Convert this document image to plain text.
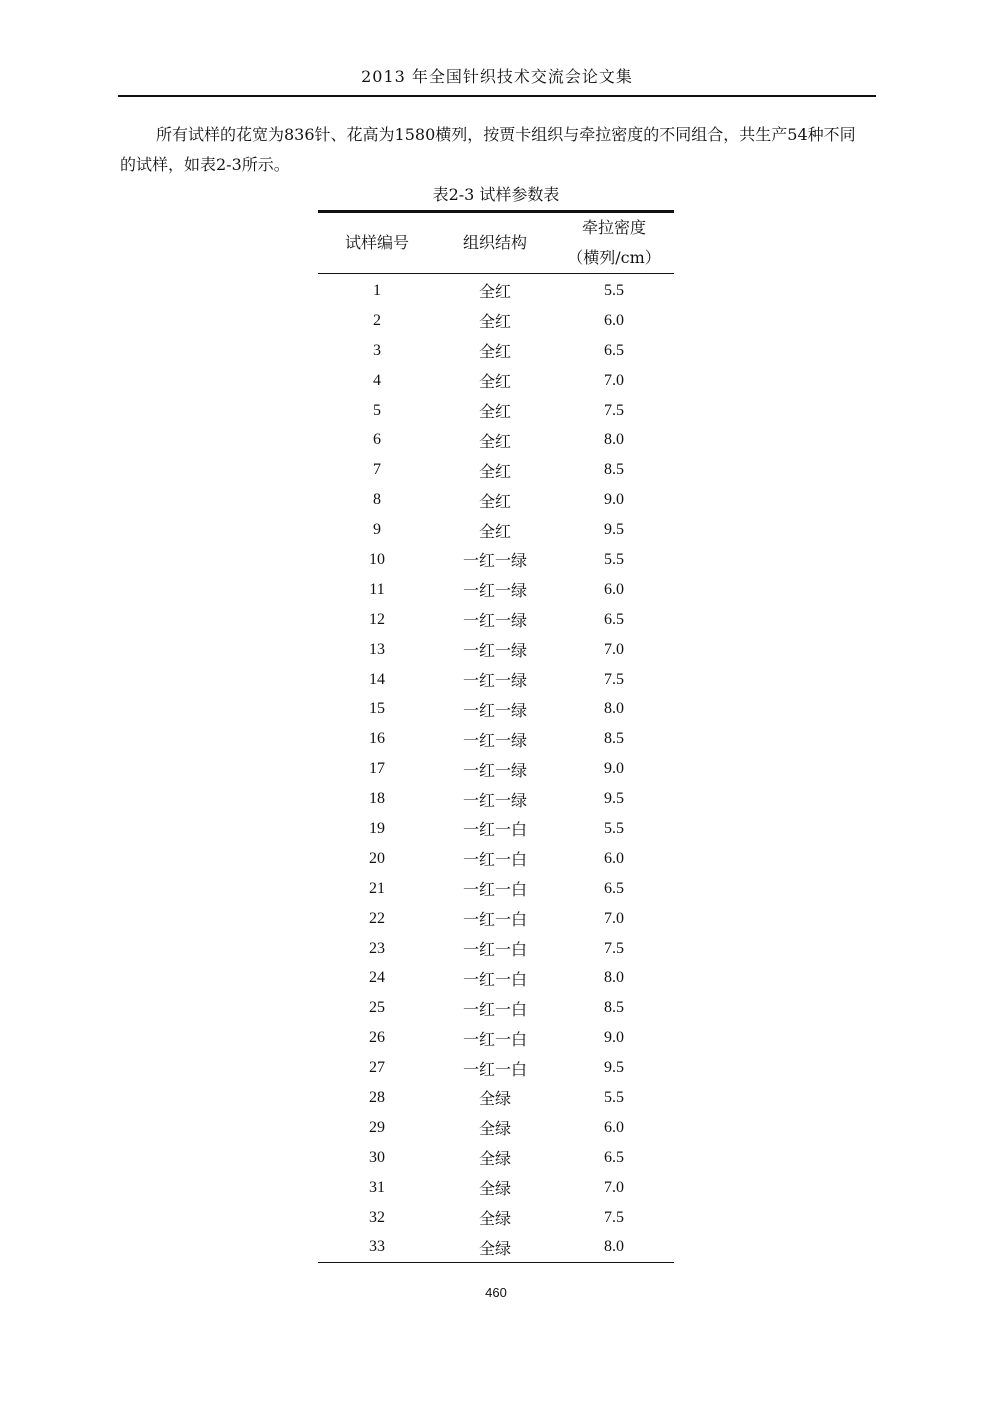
2013 年全国针织技术交流会论文集

所有试样的花宽为836针、花高为1580横列，按贾卡组织与牵拉密度的不同组合，共生产54种不同的试样，如表2-3所示。

表2-3 试样参数表
试样编号	组织结构	牵拉密度
（横列/cm）

1	全红	5.5
2	全红	6.0
3	全红	6.5
4	全红	7.0
5	全红	7.5
6	全红	8.0
7	全红	8.5
8	全红	9.0
9	全红	9.5
10	一红一绿	5.5
11	一红一绿	6.0
12	一红一绿	6.5
13	一红一绿	7.0
14	一红一绿	7.5
15	一红一绿	8.0
16	一红一绿	8.5
17	一红一绿	9.0
18	一红一绿	9.5
19	一红一白	5.5
20	一红一白	6.0
21	一红一白	6.5
22	一红一白	7.0
23	一红一白	7.5
24	一红一白	8.0
25	一红一白	8.5
26	一红一白	9.0
27	一红一白	9.5
28	全绿	5.5
29	全绿	6.0
30	全绿	6.5
31	全绿	7.0
32	全绿	7.5
33	全绿	8.0
460
